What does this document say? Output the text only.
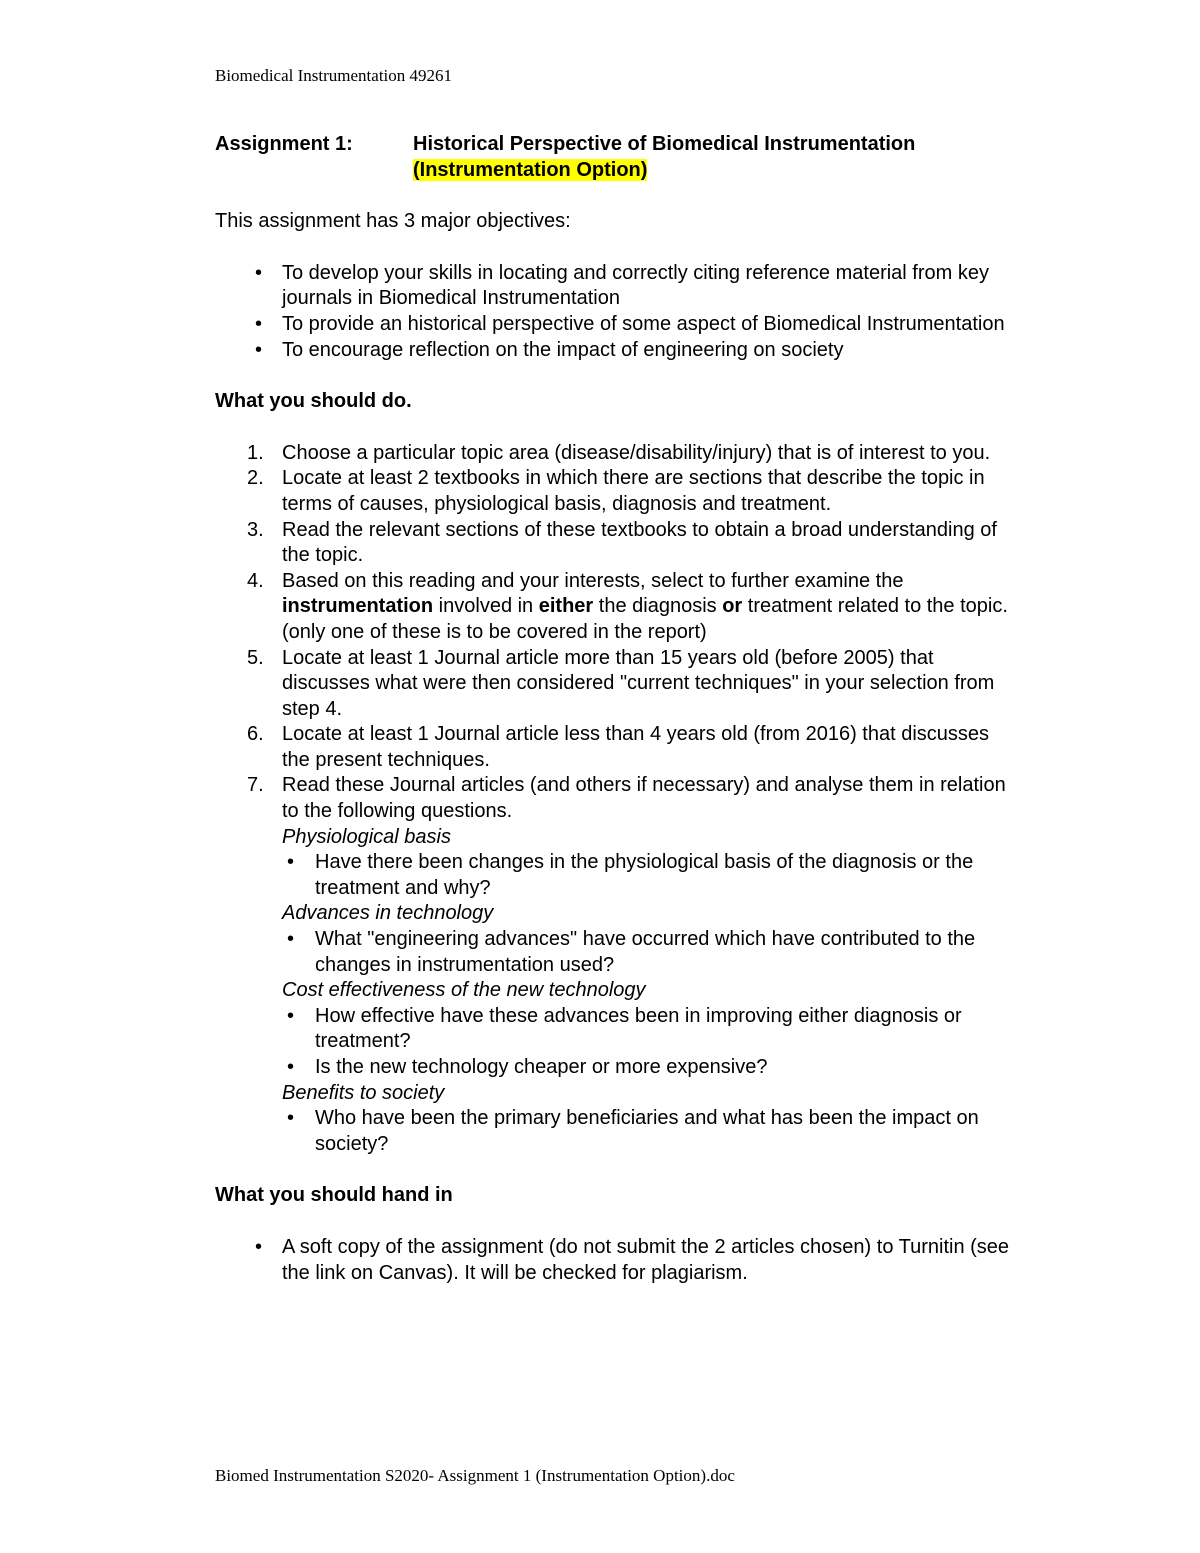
Biomedical Instrumentation 49261
Assignment 1:	Historical Perspective of Biomedical Instrumentation
(Instrumentation Option)

This assignment has 3 major objectives:

• To develop your skills in locating and correctly citing reference material from key journals in Biomedical Instrumentation
• To provide an historical perspective of some aspect of Biomedical Instrumentation
• To encourage reflection on the impact of engineering on society

What you should do.

1. Choose a particular topic area (disease/disability/injury) that is of interest to you.
2. Locate at least 2 textbooks in which there are sections that describe the topic in terms of causes, physiological basis, diagnosis and treatment.
3. Read the relevant sections of these textbooks to obtain a broad understanding of the topic.
4. Based on this reading and your interests, select to further examine the instrumentation involved in either the diagnosis or treatment related to the topic. (only one of these is to be covered in the report)
5. Locate at least 1 Journal article more than 15 years old (before 2005) that discusses what were then considered "current techniques" in your selection from step 4.
6. Locate at least 1 Journal article less than 4 years old (from 2016) that discusses the present techniques.
7. Read these Journal articles (and others if necessary) and analyse them in relation to the following questions.
Physiological basis
• Have there been changes in the physiological basis of the diagnosis or the treatment and why?
Advances in technology
• What "engineering advances" have occurred which have contributed to the changes in instrumentation used?
Cost effectiveness of the new technology
• How effective have these advances been in improving either diagnosis or treatment?
• Is the new technology cheaper or more expensive?
Benefits to society
• Who have been the primary beneficiaries and what has been the impact on society?

What you should hand in

• A soft copy of the assignment (do not submit the 2 articles chosen) to Turnitin (see the link on Canvas). It will be checked for plagiarism.
Biomed Instrumentation S2020- Assignment 1 (Instrumentation Option).doc
